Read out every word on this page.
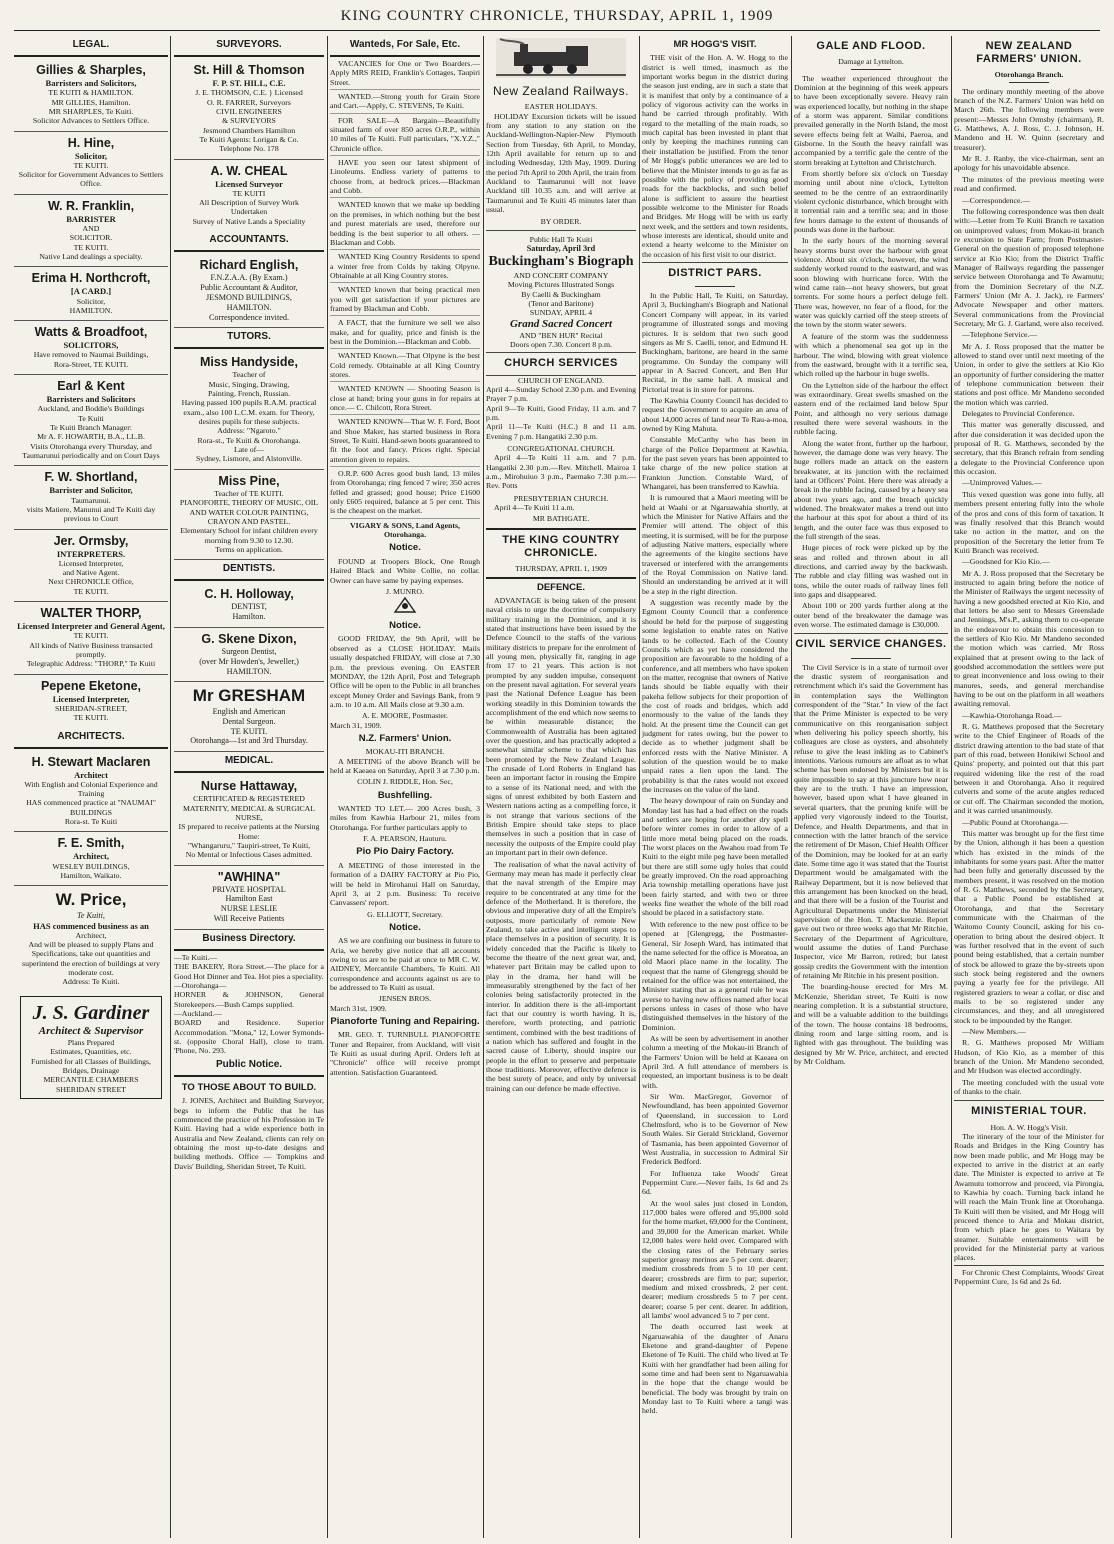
KING COUNTRY CHRONICLE, THURSDAY, APRIL 1, 1909
LEGAL.
Gillies & Sharples,
Barristers and Solicitors,
TE KUITI & HAMILTON.
MR GILLIES, Hamilton.
MR SHARPLES, Te Kuiti.
Solicitor Advances to Settlers Office.
H. Hine,
Solicitor,
TE KUITI.
Solicitor for Government Advances to Settlers Office.
W. R. Franklin,
BARRISTER
AND
SOLICITOR.
TE KUITI.
Native Land dealings a specialty.
Erima H. Northcroft,
[A CARD.]
Solicitor,
HAMILTON.
Watts & Broadfoot,
SOLICITORS,
Have removed to Naumai Buildings,
Rora-Street, TE KUITI.
Earl & Kent
Barristers and Solicitors
Auckland, and Boddie's Buildings
Te Kuiti
Te Kuiti Branch Manager:
Mr A. F. HOWARTH, B.A., LL.B.
Visits Otorohanga every Thursday, and Taumarunui periodically and on Court Days
F. W. Shortland,
Barrister and Solicitor,
Taumarunui.
visits Matiere, Manunui and Te Kuiti day previous to Court
Jer. Ormsby,
INTERPRETERS.
Licensed Interpreter,
and Native Agent.
Next CHRONICLE Office,
TE KUITI.
WALTER THORP,
Licensed Interpreter and General Agent,
TE KUITI.
All kinds of Native Business transacted promptly.
Telegraphic Address: "THORP," Te Kuiti
Pepene Eketone,
Licensed Interpreter,
SHERIDAN-STREET,
TE KUITI.
ARCHITECTS.
H. Stewart Maclaren
Architect
With English and Colonial Experience and Training
HAS commenced practice at "NAUMAI" BUILDINGS
Rora-st. Te Kuiti
F. E. Smith,
Architect,
WESLEY BUILDINGS,
Hamilton, Waikato.
W. Price,
Te Kuiti,
HAS commenced business as an
Architect,
And will be pleased to supply Plans and Specifications, take out quantities and superintend the erection of buildings at very moderate cost.
Address: Te Kuiti.
J. S. Gardiner
Architect & Supervisor
Plans Prepared
Estimates, Quantities, etc.
Furnished for all Classes of Buildings, Bridges, Drainage
MERCANTILE CHAMBERS
SHERIDAN STREET
SURVEYORS.
St. Hill & Thomson
F. P. ST. HILL, C.E.
J. E. THOMSON, C.E. } Licensed
O. R. FARRER, Surveyors
CIVIL ENGINEERS
& SURVEYORS
Jesmond Chambers Hamilton
Te Kuiti Agents: Lorigan & Co.
Telephone No. 178
A. W. CHEAL
Licensed Surveyor
TE KUITI
All Description of Survey Work
Undertaken
Survey of Native Lands a Speciality
ACCOUNTANTS.
Richard English,
F.N.Z.A.A. (By Exam.)
Public Accountant & Auditor,
JESMOND BUILDINGS,
HAMILTON.
Correspondence invited.
TUTORS.
Miss Handyside,
Teacher of
Music, Singing, Drawing,
Painting, French, Russian.
Having passed 100 pupils R.A.M. practical exam., also 100 L.C.M. exam. for Theory, desires pupils for these subjects.
Address: "Ngaroto."
Rora-st., Te Kuiti & Otorohanga.
Late of—
Sydney, Lismore, and Alstonville.
Miss Pine,
Teacher of TE KUITI.
PIANOFORTE, THEORY OF MUSIC, OIL AND WATER COLOUR PAINTING, CRAYON AND PASTEL.
Elementary School for infant children every morning from 9.30 to 12.30.
Terms on application.
DENTISTS.
C. H. Holloway,
DENTIST,
Hamilton.
G. Skene Dixon,
Surgeon Dentist,
(over Mr Howden's, Jeweller,)
HAMILTON.
Mr GRESHAM
English and American
Dental Surgeon.
TE KUITI.
Otorohanga—1st and 3rd Thursday.
MEDICAL.
Nurse Hattaway,
CERTIFICATED & REGISTERED
MATERNITY, MEDICAL & SURGICAL NURSE,
IS prepared to receive patients at the Nursing Home:
"Whangaruru," Taupiri-street, Te Kuiti,
No Mental or Infectious Cases admitted.
"AWHINA"
PRIVATE HOSPITAL
Hamilton East
NURSE LESLIE
Will Receive Patients
Business Directory.
—Te Kuiti.—
THE BAKERY, Rora Street.—The place for a Good Hot Dinner and Tea. Hot pies a speciality.
—Otorohanga—
HORNER & JOHNSON, General Storekeepers.—Bush Camps supplied.
—Auckland.—
BOARD and Residence. Superior Accommodation. "Mona," 12, Lower Symonds-st. (opposite Choral Hall), close to tram. 'Phone, No. 293.
Public Notice.
TO THOSE ABOUT TO BUILD.
J. JONES, Architect and Building Surveyor, begs to inform the Public that he has commenced the practice of his Profession in Te Kuiti. Having had a wide experience both in Australia and New Zealand, clients can rely on obtaining the most up-to-date designs and building methods. Office — Tompkins and Davis' Building, Sheridan Street, Te Kuiti.
Wanteds, For Sale, Etc.
VACANCIES for One or Two Boarders.—Apply MRS REID, Franklin's Cottages, Taupiri Street.
WANTED.—Strong youth for Grain Store and Cart.—Apply, C. STEVENS, Te Kuiti.
FOR SALE—A Bargain—Beautifully situated farm of over 850 acres O.R.P., within 10 miles of Te Kuiti. Full particulars, "X.Y.Z.," Chronicle office.
HAVE you seen our latest shipment of Linoleums. Endless variety of patterns to choose from, at bedrock prices.—Blackman and Cobb.
WANTED known that we make up bedding on the premises, in which nothing but the best and purest materials are used, therefore our bedding is the best superior to all others. —Blackman and Cobb.
WANTED King Country Residents to spend a winter free from Colds by taking Olpyne. Obtainable at all King Country stores.
WANTED known that being practical men you will get satisfaction if your pictures are framed by Blackman and Cobb.
A FACT, that the furniture we sell we also make, and for quality, price and finish is the best in the Dominion.—Blackman and Cobb.
WANTED Known.—That Olpyne is the best Cold remedy. Obtainable at all King Country stores.
WANTED KNOWN — Shooting Season is close at hand; bring your guns in for repairs at once.— C. Chilcott, Rora Street.
WANTED KNOWN—That W. F. Ford, Boot and Shoe Maker, has started business in Rora Street, Te Kuiti. Hand-sewn boots guaranteed to fit the foot and fancy. Prices right. Special attention given to repairs.
O.R.P. 600 Acres good bush land, 13 miles from Otorohanga; ring fenced 7 wire; 350 acres felled and grassed; good house; Price £1600 only £605 required, balance at 5 per cent. This is the cheapest on the market.
VIGARY & SONS, Land Agents, Otorohanga.
Notice.
FOUND at Troopers Block, One Rough Haired Black and White Collie, no collar. Owner can have same by paying expenses.
J. MUNRO.
Notice.
GOOD FRIDAY, the 9th April, will be observed as a CLOSE HOLIDAY. Mails usually despatched FRIDAY, will close at 7.30 p.m. the previous evening. On EASTER MONDAY, the 12th April, Post and Telegraph Office will be open to the Public in all branches except Money Order and Savings Bank, from 9 a.m. to 10 a.m. All Mails close at 9.30 a.m.
A. E. MOORE, Postmaster.
March 31, 1909.
N.Z. Farmers' Union.
MOKAU-ITI BRANCH.
A MEETING of the above Branch will be held at Kaeaea on Saturday, April 3 at 7.30 p.m.
COLIN J. RIDDLE, Hon. Sec,
Bushfelling.
WANTED TO LET.— 200 Acres bush, 3 miles from Kawhia Harbour 21, miles from Otorohanga. For further particulars apply to
F. A. PEARSON, Hauturu.
Pio Pio Dairy Factory.
A MEETING of those interested in the formation of a DAIRY FACTORY at Pio Pio, will be held in Mirohanui Hall on Saturday, April 3, at 2 p.m. Business: To receive Canvassers' report.
G. ELLIOTT, Secretary.
Notice.
AS we are confining our business in future to Aria, we hereby give notice that all accounts owing to us are to be paid at once to MR C. W. AIDNEY, Mercantile Chambers, Te Kuiti. All correspondence and accounts against us are to be addressed to Te Kuiti as usual.
JENSEN BROS.
March 31st, 1909.
Pianoforte Tuning and Repairing.
MR. GEO. T. TURNBULL PIANOFORTE Tuner and Repairer, from Auckland, will visit Te Kuiti as usual during April. Orders left at "Chronicle" office will receive prompt attention. Satisfaction Guaranteed.
New Zealand Railways.
EASTER HOLIDAYS.
HOLIDAY Excursion tickets will be issued from any station to any station on the Auckland-Wellington-Napier-New Plymouth Section from Tuesday, 6th April, to Monday, 12th April available for return up to and including Wednesday, 12th May, 1909. During the period 7th April to 20th April, the train from Auckland to Taumarunui will not leave Auckland till 10.35 a.m. and will arrive at Taumarunui and Te Kuiti 45 minutes later than usual.
BY ORDER.
Public Hall Te Kuiti
Saturday, April 3rd
Buckingham's Biograph
AND CONCERT COMPANY
Moving Pictures Illustrated Songs
By Caelli & Buckingham
(Tenor and Baritone)
SUNDAY, APRIL 4
Grand Sacred Concert
AND "BEN HUR" Recital
Doors open 7.30. Concert 8 p.m.
CHURCH SERVICES
CHURCH OF ENGLAND.
April 4—Sunday School 2.30 p.m. and Evening Prayer 7 p.m.
April 9—Te Kuiti, Good Friday, 11 a.m. and 7 p.m.
April 11—Te Kuiti (H.C.) 8 and 11 a.m. Evening 7 p.m. Hangatiki 2.30 p.m.
CONGREGATIONAL CHURCH.
April 4—Te Kuiti 11 a.m. and 7 p.m. Hangatiki 2.30 p.m.—Rev. Mitchell. Mairoa 1 a.m., Mirohuiuo 3 p.m., Paemako 7.30 p.m.—Rev. Potts
PRESBYTERIAN CHURCH.
April 4—Te Kuiti 11 a.m.
MR BATHGATE.
THE KING COUNTRY CHRONICLE.
THURSDAY, APRIL 1, 1909
DEFENCE.
ADVANTAGE is being taken of the present naval crisis to urge the doctrine of compulsory military training in the Dominion, and it is stated that instructions have been issued by the Defence Council to the staffs of the various military districts to prepare for the enrolment of all young men, physically fit, ranging in age from 17 to 21 years. This action is not prompted by any sudden impulse, consequent on the present naval agitation. For several years past the National Defence League has been working steadily in this Dominion towards the accomplishment of the end which now seems to be within measurable distance; the Commonwealth of Australia has been agitated over the question, and has practically adopted a somewhat similar scheme to that which has been promoted by the New Zealand League. The crusade of Lord Roberts in England has been an important factor in rousing the Empire to a sense of its National need, and with the signs of unrest exhibited by both Eastern and Western nations acting as a compelling force, it is not strange that various sections of the British Empire should take steps to place themselves in such a position that in case of necessity the outposts of the Empire could play an important part in their own defence.
The realisation of what the naval activity of Germany may mean has made it perfectly clear that the naval strength of the Empire may require to be concentrated at any time for the defence of the Motherland. It is therefore, the obvious and imperative duty of all the Empire's outposts, more particularly of remote New Zealand, to take active and intelligent steps to place themselves in a position of security. It is widely conceded that the Pacific is likely to become the theatre of the next great war, and, whatever part Britain may be called upon to play in the drama, her hand will be immeasurably strengthened by the fact of her colonies being satisfactorily protected in the interior. In addition there is the all-important fact that our country is worth having. It is, therefore, worth protecting, and patriotic sentiment, combined with the best traditions of a nation which has suffered and fought in the sacred cause of Liberty, should inspire our people in the effort to preserve and perpetuate those traditions. Moreover, effective defence is the best surety of peace, and only by universal training can our defence be made effective.
MR HOGG'S VISIT.
THE visit of the Hon. A. W. Hogg to the district is well timed, inasmuch as the important works begun in the district during the season just ending, are in such a state that it is manifest that only by a continuance of a policy of vigorous activity can the works in hand be carried through profitably. With regard to the metalling of the main roads, so much capital has been invested in plant that only by keeping the machines running can their installation be justified. From the tenor of Mr Hogg's public utterances we are led to believe that the Minister intends to go as far as possible with the policy of providing good roads for the backblocks, and such belief alone is sufficient to assure the heartiest possible welcome to the Minister for Roads and Bridges. Mr Hogg will be with us early next week, and the settlers and town residents, whose interests are identical, should unite and extend a hearty welcome to the Minister on the occasion of his first visit to our district.
DISTRICT PARS.
In the Public Hall, Te Kuiti, on Saturday, April 3, Buckingham's Biograph and National Concert Company will appear, in its varied programme of illustrated songs and moving pictures. It is seldom that two such good singers as Mr S. Caelli, tenor, and Edmund H. Buckingham, baritone, are heard in the same programme. On Sunday the company will appear in A Sacred Concert, and Ben Hur Recital, in the same hall. A musical and Pictorial treat is in store for patrons.
The Kawhia County Council has decided to request the Government to acquire an area of about 14,000 acres of land near Te Rau-a-moa, owned by King Mahuta.
Constable McCarthy who has been in charge of the Police Department at Kawhia, for the past seven years has been appointed to take charge of the new police station at Frankton Junction. Constable Ward, of Whangarei, has been transferred to Kawhia.
It is rumoured that a Maori meeting will be held at Waahi or at Ngaruawahia shortly, at which the Minister for Native Affairs and the Premier will attend. The object of this meeting, it is surmised, will be for the purpose of adjusting Native matters, especially where the agreements of the kingite sections have traversed or interfered with the arrangements of the Royal Commission on Native land. Should an understanding be arrived at it will be a step in the right direction.
A suggestion was recently made by the Egmont County Council that a conference should be held for the purpose of suggesting some legislation to enable rates on Native lands to be collected. Each of the County Councils which as yet have considered the proposition are favourable to the holding of a conference, and all members who have spoken on the matter, recognise that owners of Native lands should be liable equally with their pakeha fellow subjects for their proportion of the cost of roads and bridges, which add enormously to the value of the lands they hold. At the present time the Council can get judgment for rates owing, but the power to decide as to whether judgment shall be enforced rests with the Native Minister. A solution of the question would be to make unpaid rates a lien upon the land. The probability is that the rates would not exceed the increases on the value of the land.
The heavy downpour of rain on Sunday and Monday last has had a bad effect on the roads and settlers are hoping for another dry spell before winter comes in order to allow of a little more metal being placed on the roads. The worst places on the Awahou road from Te Kuiti to the eight mile peg have been metalled but there are still some ugly holes that could be greatly improved. On the road approaching Aria township metalling operations have just been fairly started, and with two or three weeks fine weather the whole of the bill road should be placed in a satisfactory state.
With reference to the new post office to be opened at [Glengregg, the Postmaster-General, Sir Joseph Ward, has intimated that the name selected for the office is Moeatoa, an old Maori place name in the locality. The request that the name of Glengregg should be retained for the office was not entertained, the Minister stating that as a general rule he was averse to having new offices named after local persons unless in cases of those who have distinguished themselves in the history of the Dominion.
As will be seen by advertisement in another column a meeting of the Mokau-iti Branch of the Farmers' Union will be held at Kaeaea on April 3rd. A full attendance of members is requested, an important business is to be dealt with.
Sir Wm. MacGregor, Governor of Newfoundland, has been appointed Governor of Queensland, in succession to Lord Chelmsford, who is to be Governor of New South Wales. Sir Gerald Strickland, Governor of Tasmania, has been appointed Governor of West Australia, in succession to Admiral Sir Frederick Bedford.
For Influenza take Woods' Great Peppermint Cure.—Never fails, 1s 6d and 2s 6d.
At the wool sales just closed in London, 117,000 bales were offered and 95,000 sold for the home market, 69,000 for the Continent, and 39,000 for the American market. While 12,000 bales were held over. Compared with the closing rates of the February series superior greasy merinos are 5 per cent. dearer; medium crossbreds from 5 to 10 per cent. dearer; crossbreds are firm to par; superior, medium and mixed crossbreds, 2 per cent. dearer; medium crossbreds 5 to 7 per cent. dearer; coarse 5 per cent. dearer. In addition, all lambs' wool advanced 5 to 7 per cent.
The death occurred last week at Ngaruawahia of the daughter of Anaru Eketone and grand-daughter of Pepene Eketone of Te Kuiti. The child who lived at Te Kuiti with her grandfather had been ailing for some time and had been sent to Ngaruawahia in the hope that the change would be beneficial. The body was brought by train on Monday last to Te Kuiti where a tangi was held.
GALE AND FLOOD.
Damage at Lyttelton.
The weather experienced throughout the Dominion at the beginning of this week appears to have been exceptionally severe. Heavy rain was experienced locally, but nothing in the shape of a storm was apparent. Similar conditions prevailed generally in the North Island, the most severe effects being felt at Waihi, Paeroa, and Gisborne. In the South the heavy rainfall was accompanied by a terrific gale the centre of the storm breaking at Lyttelton and Christchurch.
From shortly before six o'clock on Tuesday morning until about nine o'clock, Lyttelton seemed to be the centre of an extraordinarily violent cyclonic disturbance, which brought with it torrential rain and a terrific sea; and in those few hours damage to the extent of thousands of pounds was done in the harbour.
In the early hours of the morning several heavy storms burst over the harbour with great violence. About six o'clock, however, the wind suddenly worked round to the eastward, and was soon blowing with hurricane force. With the wind came rain—not heavy showers, but great torrents. For some hours a perfect deluge fell. There was, however, no fear of a flood, for the water was quickly carried off the steep streets of the town by the storm water sewers.
A feature of the storm was the suddenness with which a phenomenal sea got up in the harbour. The wind, blowing with great violence from the eastward, brought with it a terrific sea, which rolled up the harbour in huge swells.
On the Lyttelton side of the harbour the effect was extraordinary. Great swells smashed on the eastern end of the reclaimed land below Spur Point, and although no very serious damage resulted there were several washouts in the rubble facing.
Along the water front, further up the harbour, however, the damage done was very heavy. The huge rollers made an attack on the eastern breakwater, at its junction with the reclaimed land at Officers' Point. Here there was already a break in the rubble facing, caused by a heavy sea about two years ago, and the breach quickly widened. The breakwater makes a trend out into the harbour at this spot for about a third of its length, and the outer face was thus exposed to the full strength of the seas.
Huge pieces of rock were picked up by the seas and rolled and thrown about in all directions, and carried away by the backwash. The rubble and clay filling was washed out in tons, while the outer roads of railway lines fell into gaps and disappeared.
About 100 or 200 yards further along at the outer bend of the breakwater the damage was even worse. The estimated damage is £30,000.
CIVIL SERVICE CHANGES.
The Civil Service is in a state of turmoil over the drastic system of reorganisation and retrenchment which it's said the Government has in contemplation says the Wellington correspondent of the "Star." In view of the fact that the Prime Minister is expected to be very communicative on this reorganisation subject when delivering his policy speech shortly, his colleagues are close as oysters, and absolutely refuse to give the least inkling as to Cabinet's intentions. Various rumours are afloat as to what scheme has been endorsed by Ministers but it is quite impossible to say at this juncture how near they are to the truth. I have an impression, however, based upon what I have gleaned in several quarters, that the pruning knife will be applied very vigorously indeed to the Tourist, Defence, and Health Departments, and that in connection with the latter branch of the service the retirement of Dr Mason, Chief Health Officer of the Dominion, may be looked for at an early date. Some time ago it was stated that the Tourist Department would be amalgamated with the Railway Department, but it is now believed that this arrangement has been knocked on the head, and that there will be a fusion of the Tourist and Agricultural Departments under the Ministerial supervision of the Hon. T. Mackenzie. Report gave out two or three weeks ago that Mr Ritchie, Secretary of the Department of Agriculture, would assume the duties of Land Purchase Inspector, vice Mr Barron, retired; but latest gossip credits the Government with the intention of retaining Mr Ritchie in his present position.
The boarding-house erected for Mrs M. McKenzie, Sheridan street, Te Kuiti is now nearing completion. It is a substantial structure, and will be a valuable addition to the buildings of the town. The house contains 18 bedrooms, dining room and large sitting room, and is lighted with gas throughout. The building was designed by Mr W. Price, architect, and erected by Mr Coldham.
NEW ZEALAND FARMERS' UNION.
Otorohanga Branch.
The ordinary monthly meeting of the above branch of the N.Z. Farmers' Union was held on March 26th. The following members were present:—Messrs John Ormsby (chairman), R. G. Matthews, A. J. Ross, C. J. Johnson, H. Mandeno and H. W. Quinn (secretary and treasurer).
Mr R. J. Ranby, the vice-chairman, sent an apology for his unavoidable absence.
The minutes of the previous meeting were read and confirmed.
—Correspondence.—
The following correspondence was then dealt with:—Letter from Te Kuiti Branch re taxation on unimproved values; from Mokau-iti branch re excursion to State Farm; from Postmaster-General on the question of proposed telephone service at Kio Kio; from the District Traffic Manager of Railways regarding the passenger service between Otorohanga and Te Awamutu; from the Dominion Secretary of the N.Z. Farmers' Union (Mr A. J. Jack), re Farmers' Advocate Newspaper and other matters. Several communications from the Provincial Secretary, Mr G. J. Garland, were also received.
—Telephone Service.—
Mr A. J. Ross proposed that the matter be allowed to stand over until next meeting of the Union, in order to give the settlers at Kio Kio an opportunity of further considering the matter of telephone communication between their stations and post office. Mr Mandeno seconded the motion which was carried.
Delegates to Provincial Conference.
This matter was generally discussed, and after due consideration it was decided upon the proposal of R. G. Matthews, seconded by the secretary, that this Branch refrain from sending a delegate to the Provincial Conference upon this occasion.
—Unimproved Values.—
This vexed question was gone into fully, all members present entering fully into the whole of the pros and cons of this form of taxation. It was finally resolved that this Branch would take no action in the matter, and on the proposition of the Secretary the letter from Te Kuiti Branch was received.
—Goodsned for Kio Kio.—
Mr A. J. Ross proposed that the Secretary be instructed to again bring before the notice of the Minister of Railways the urgent necessity of having a new goodshed erected at Kio Kio, and that letters be also sent to Messrs Greenslade and Jennings, M's.P., asking them to co-operate in the endeavour to obtain this concession to the settlers of Kio Kio. Mr Mandeno seconded the motion which was carried. Mr Ross explained that at present owing to the lack of goodshed accommodation the settlers were put to great inconvenience and loss owing to their manures, seeds, and general merchandise having to be out on the platform in all weathers awaiting removal.
—Kawhia-Otorohanga Road.—
R. G. Matthews proposed that the Secretary write to the Chief Engineer of Roads of the district drawing attention to the bad state of that part of this road, between Honikiwi School and Quins' property, and pointed out that this part required widening like the rest of the road between it and Otorohanga. Also it required culverts and some of the acute angles reduced or cut off. The Chairman seconded the motion, and it was carried unanimously.
—Public Pound at Otorohanga.—
This matter was brought up for the first time by the Union, although it has been a question which has existed in the minds of the inhabitants for some years past. After the matter had been fully and generally discussed by the members present, it was resolved on the motion of R. G. Matthews, seconded by the Secretary, that a Public Pound be established at Otorohanga, and that the Secretary communicate with the Chairman of the Waitomo County Council, asking for his co-operation to bring about the desired object. It was further resolved that in the event of such pound being established, that a certain number of stock be allowed to graze the by-streets upon such stock being registered and the owners paying a yearly fee for the privilege. All registered graziers to wear a collar, or disc and mails to be so registered under any circumstances, and they, and all unregistered stock to be impounded by the Ranger.
—New Members.—
R. G. Matthews proposed Mr William Hudson, of Kio Kio, as a member of this branch of the Union. Mr Mandeno seconded, and Mr Hudson was elected accordingly.
The meeting concluded with the usual vote of thanks to the chair.
MINISTERIAL TOUR.
Hon. A. W. Hogg's Visit.
The itinerary of the tour of the Minister for Roads and Bridges in the King Country has now been made public, and Mr Hogg may be expected to arrive in the district at an early date. The Minister is expected to arrive at Te Awamutu tomorrow and proceed, via Pirongia, to Kawhia by coach. Turning back inland he will reach the Main Trunk line at Otorohanga. Te Kuiti will then be visited, and Mr Hogg will proceed thence to Aria and Mokau district, from which place he goes to Waitara by steamer. Suitable entertainments will be provided for the Ministerial party at various places.
For Chronic Chest Complaints, Woods' Great Peppermint Cure, 1s 6d and 2s 6d.
